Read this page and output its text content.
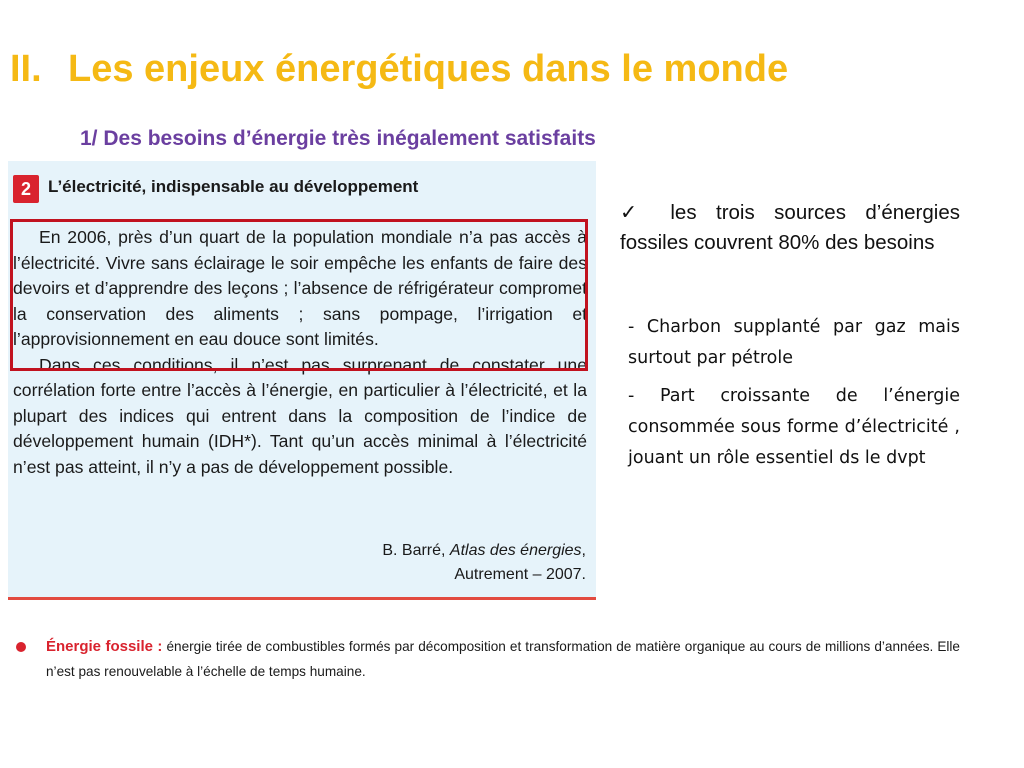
II. Les enjeux énergétiques dans le monde
1/ Des besoins d’énergie très inégalement satisfaits
2	L’électricité, indispensable au développement

En 2006, près d’un quart de la population mondiale n’a pas accès à l’électricité. Vivre sans éclairage le soir empêche les enfants de faire des devoirs et d’apprendre des leçons ; l’absence de réfrigérateur compromet la conservation des aliments ; sans pompage, l’irrigation et l’approvisionnement en eau douce sont limités.

Dans ces conditions, il n’est pas surprenant de constater une corrélation forte entre l’accès à l’énergie, en particulier à l’électricité, et la plupart des indices qui entrent dans la composition de l’indice de développement humain (IDH*). Tant qu’un accès minimal à l’électricité n’est pas atteint, il n’y a pas de développement possible.

B. Barré, Atlas des énergies,
Autrement – 2007.

✓ les trois sources d’énergies fossiles couvrent 80% des besoins

- Charbon supplanté par gaz mais surtout par pétrole

- Part croissante de l’énergie consommée sous forme d’électricité , jouant un rôle essentiel ds le dvpt

Énergie fossile : énergie tirée de combustibles formés par décomposition et transformation de matière organique au cours de millions d’années. Elle n’est pas renouvelable à l’échelle de temps humaine.
